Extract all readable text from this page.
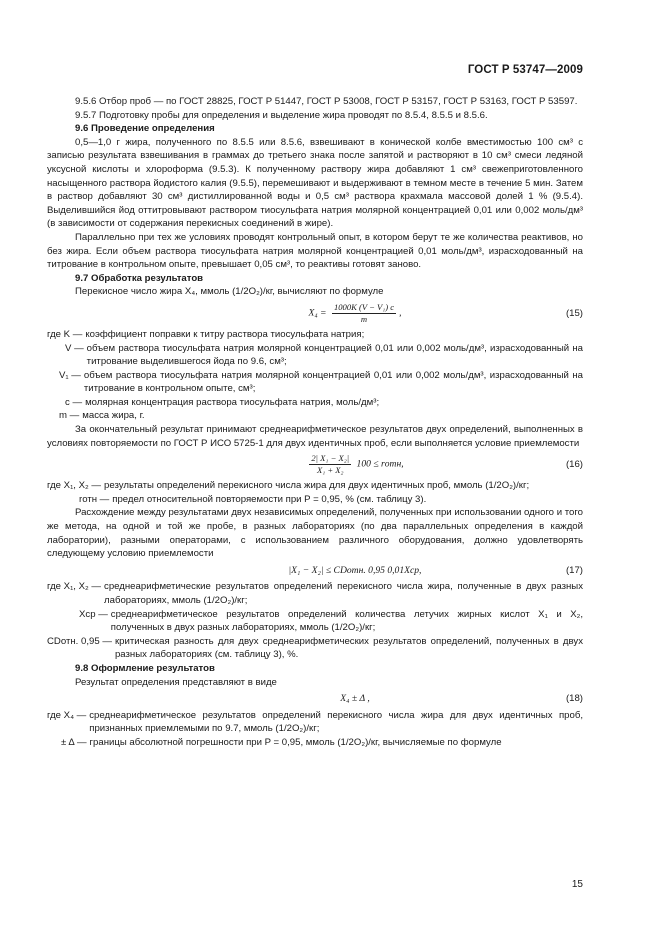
ГОСТ Р 53747—2009

9.5.6 Отбор проб — по ГОСТ 28825, ГОСТ Р 51447, ГОСТ Р 53008, ГОСТ Р 53157, ГОСТ Р 53163, ГОСТ Р 53597.

9.5.7 Подготовку пробы для определения и выделение жира проводят по 8.5.4, 8.5.5 и 8.5.6.

9.6 Проведение определения

0,5—1,0 г жира, полученного по 8.5.5 или 8.5.6, взвешивают в конической колбе вместимостью 100 см³ с записью результата взвешивания в граммах до третьего знака после запятой и растворяют в 10 см³ смеси ледяной уксусной кислоты и хлороформа (9.5.3). К полученному раствору жира добавляют 1 см³ свежеприготовленного насыщенного раствора йодистого калия (9.5.5), перемешивают и выдерживают в темном месте в течение 5 мин. Затем в раствор добавляют 30 см³ дистиллированной воды и 0,5 см³ раствора крахмала массовой долей 1 % (9.5.4). Выделившийся йод оттитровывают раствором тиосульфата натрия молярной концентрацией 0,01 или 0,002 моль/дм³ (в зависимости от содержания перекисных соединений в жире).

Параллельно при тех же условиях проводят контрольный опыт, в котором берут те же количества реактивов, но без жира. Если объем раствора тиосульфата натрия молярной концентрацией 0,01 моль/дм³, израсходованный на титрование в контрольном опыте, превышает 0,05 см³, то реактивы готовят заново.

9.7 Обработка результатов

Перекисное число жира X₄, ммоль (1/2O₂)/кг, вычисляют по формуле

$X_4 = \frac{\text{1000K (V − V₁) c}}{m}$ ,	(15)
где K — коэффициент поправки к титру раствора тиосульфата натрия;
V — объем раствора тиосульфата натрия молярной концентрацией 0,01 или 0,002 моль/дм³, израсходованный на титрование выделившегося йода по 9.6, см³;
V₁ — объем раствора тиосульфата натрия молярной концентрацией 0,01 или 0,002 моль/дм³, израсходованный на титрование в контрольном опыте, см³;
c — молярная концентрация раствора тиосульфата натрия, моль/дм³;
m — масса жира, г.

За окончательный результат принимают среднеарифметическое результатов двух определений, выполненных в условиях повторяемости по ГОСТ Р ИСО 5725-1 для двух идентичных проб, если выполняется условие приемлемости

$\frac{\text{2| X₁ − X₂|}}{\text{X₁ + X₂}} 100$ ≤ rотн,	(16)
где X₁, X₂ — результаты определений перекисного числа жира для двух идентичных проб, ммоль (1/2O₂)/кг;
rотн — предел относительной повторяемости при P = 0,95, % (см. таблицу 3).

Расхождение между результатами двух независимых определений, полученных при использовании одного и того же метода, на одной и той же пробе, в разных лабораториях (по два параллельных определения в каждой лаборатории), разными операторами, с использованием различного оборудования, должно удовлетворять следующему условию приемлемости

|X₁ − X₂| ≤ CDотн. 0,95 0,01Xср,	(17)
где X₁, X₂ — среднеарифметические результатов определений перекисного числа жира, полученные в двух разных лабораториях, ммоль (1/2O₂)/кг;
Xср — среднеарифметическое результатов определений количества летучих жирных кислот X₁ и X₂, полученных в двух разных лабораториях, ммоль (1/2O₂)/кг;
CDотн. 0,95 — критическая разность для двух среднеарифметических результатов определений, полученных в двух разных лабораториях (см. таблицу 3), %.

9.8 Оформление результатов

Результат определения представляют в виде

X₄ ± Δ ,	(18)
где X₄ — среднеарифметическое результатов определений перекисного числа жира для двух идентичных проб, признанных приемлемыми по 9.7, ммоль (1/2O₂)/кг;
± Δ — границы абсолютной погрешности при P = 0,95, ммоль (1/2O₂)/кг, вычисляемые по формуле
15
